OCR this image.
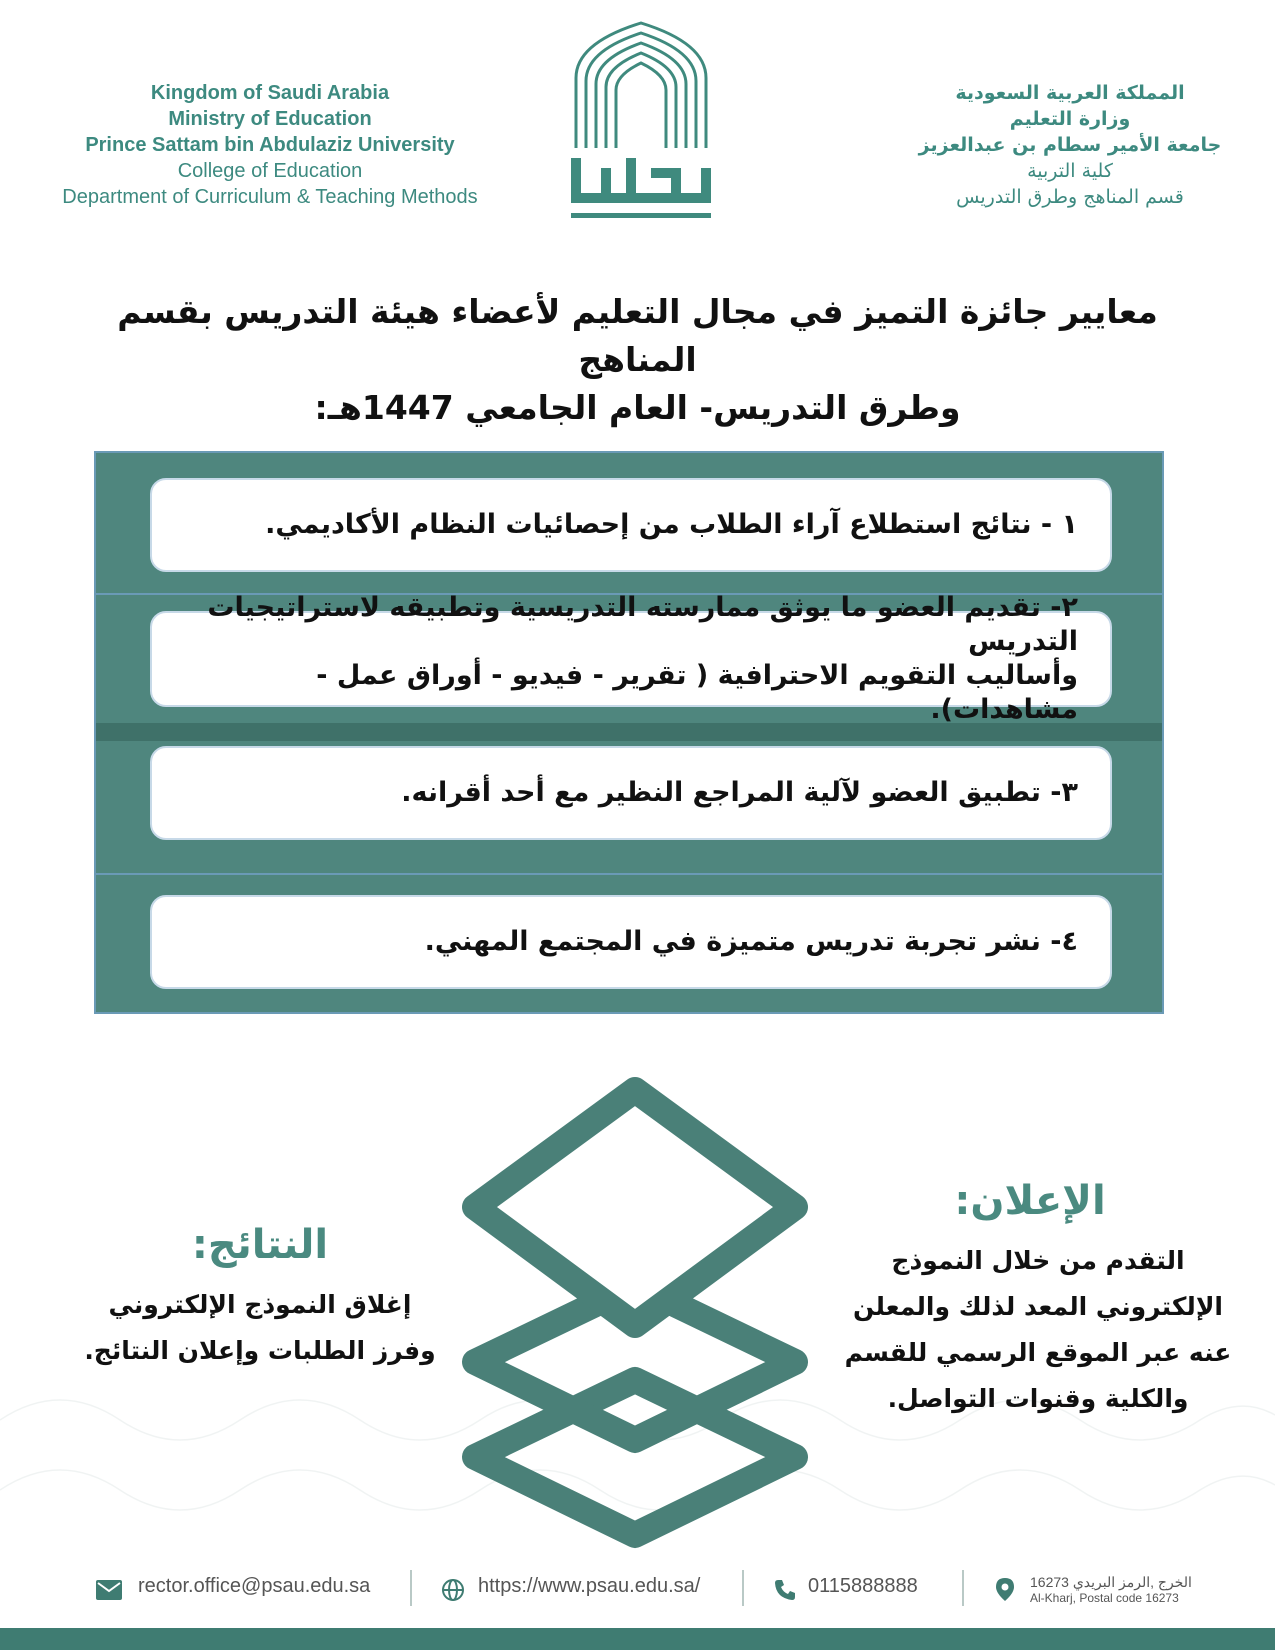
Kingdom of Saudi Arabia
Ministry of Education
Prince Sattam bin Abdulaziz University
College of Education
Department of Curriculum & Teaching Methods
المملكة العربية السعودية
وزارة التعليم
جامعة الأمير سطام بن عبدالعزيز
كلية التربية
قسم المناهج وطرق التدريس
معايير جائزة التميز في مجال التعليم لأعضاء هيئة التدريس بقسم المناهج
وطرق التدريس- العام الجامعي 1447هـ:
١ - نتائج استطلاع آراء الطلاب من إحصائيات النظام الأكاديمي.
٢- تقديم العضو ما يوثق ممارسته التدريسية وتطبيقه لاستراتيجيات التدريس
وأساليب التقويم الاحترافية ( تقرير - فيديو - أوراق عمل - مشاهدات).
٣- تطبيق العضو لآلية المراجع النظير مع أحد أقرانه.
٤- نشر تجربة تدريس متميزة في المجتمع المهني.
الإعلان:
التقدم من خلال النموذج
الإلكتروني المعد لذلك والمعلن
عنه عبر الموقع الرسمي للقسم
والكلية وقنوات التواصل.
النتائج:
إغلاق النموذج الإلكتروني
وفرز الطلبات وإعلان النتائج.
rector.office@psau.edu.sa	https://www.psau.edu.sa/	0115888888	الخرج ,الرمز البريدي 16273
Al-Kharj, Postal code 16273
